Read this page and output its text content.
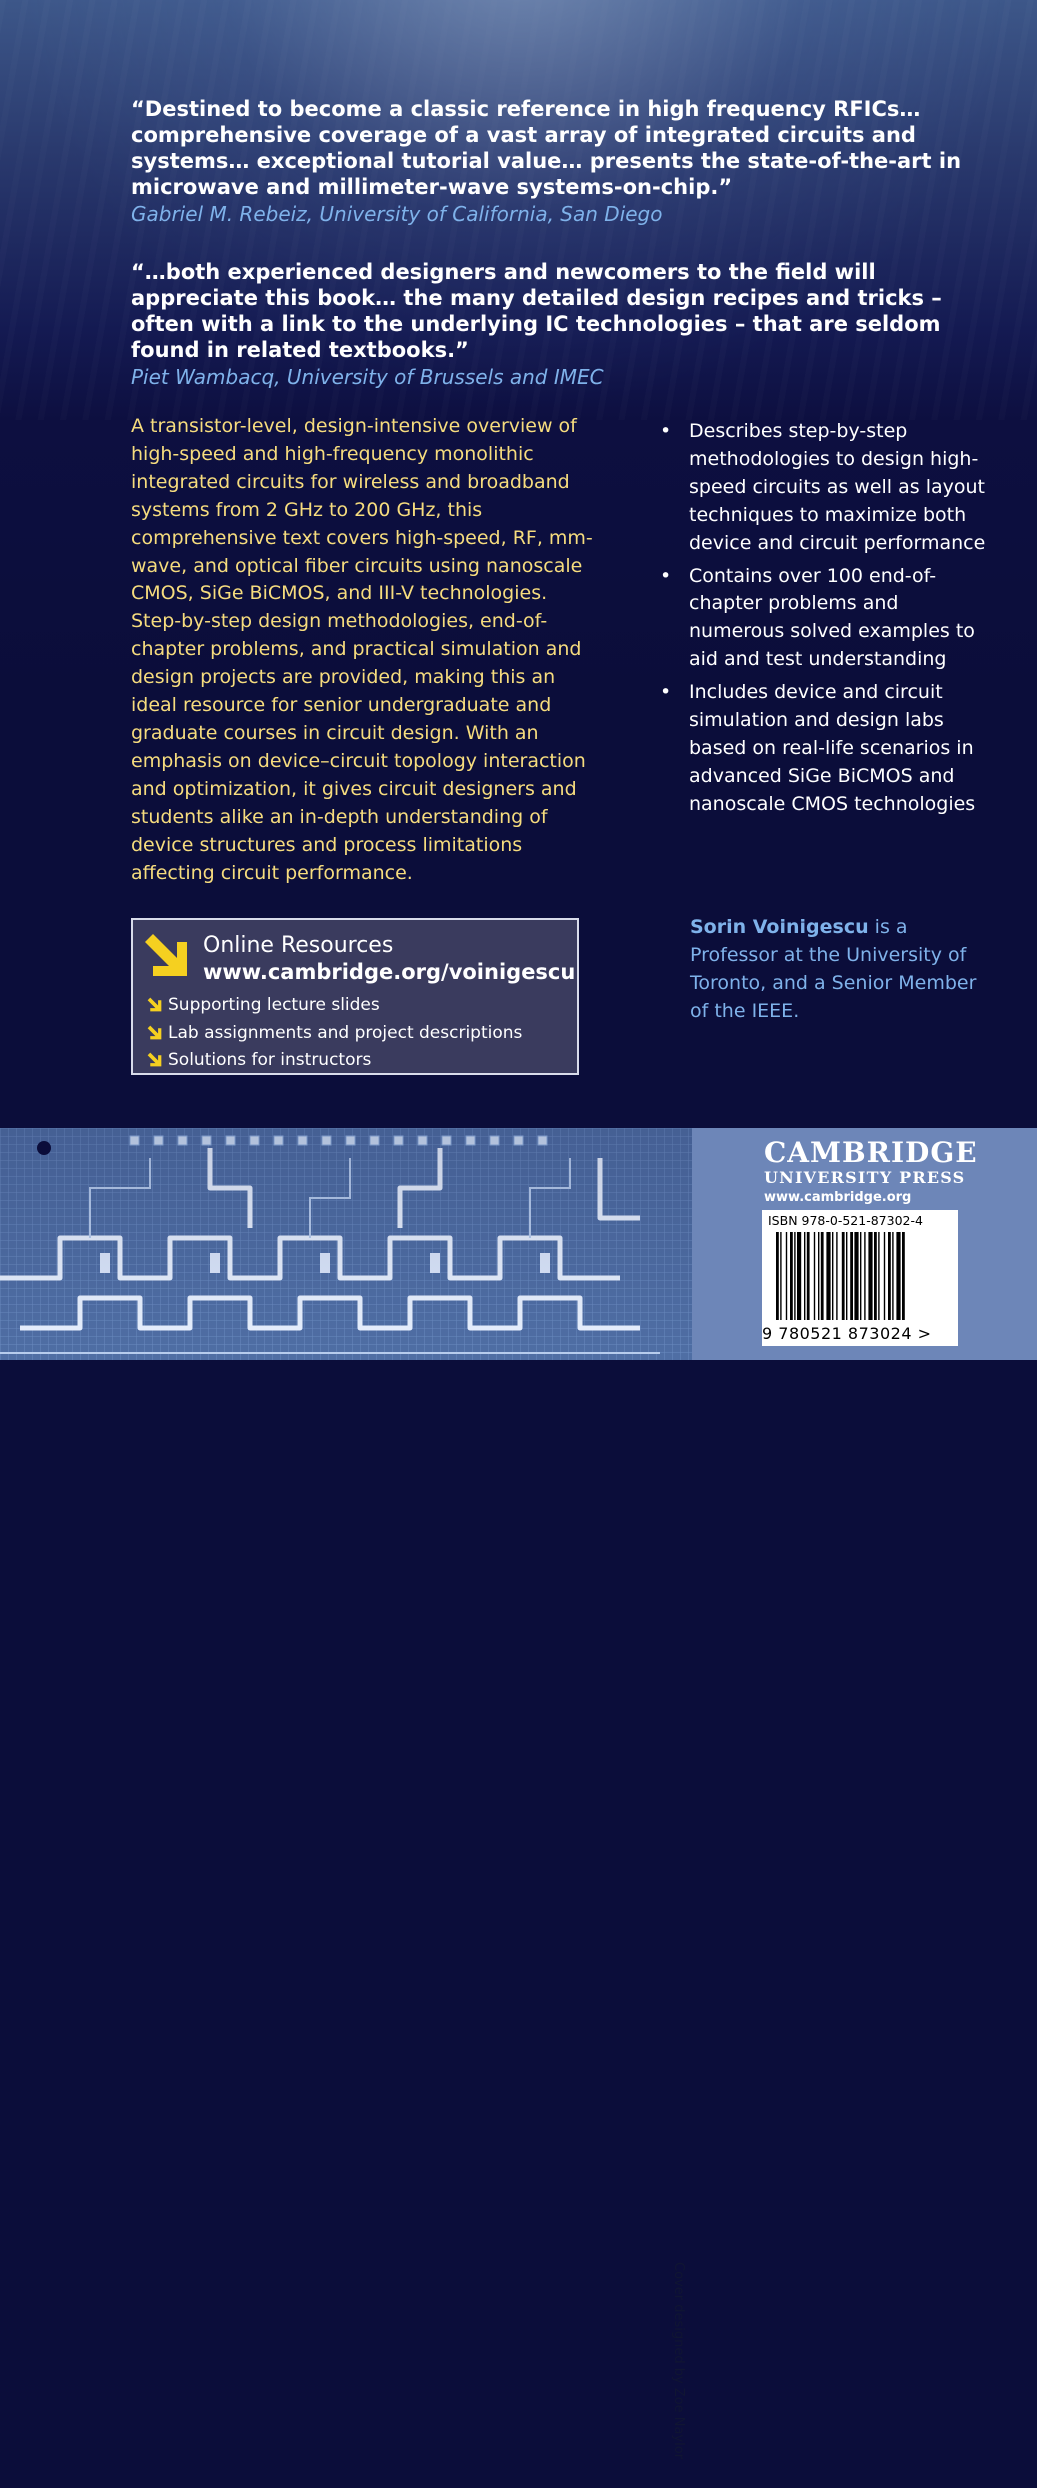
“Destined to become a classic reference in high frequency RFICs… comprehensive coverage of a vast array of integrated circuits and systems… exceptional tutorial value… presents the state-of-the-art in microwave and millimeter-wave systems-on-chip.”
Gabriel M. Rebeiz, University of California, San Diego
“…both experienced designers and newcomers to the field will appreciate this book… the many detailed design recipes and tricks – often with a link to the underlying IC technologies – that are seldom found in related textbooks.”
Piet Wambacq, University of Brussels and IMEC
A transistor-level, design-intensive overview of high-speed and high-frequency monolithic integrated circuits for wireless and broadband systems from 2 GHz to 200 GHz, this comprehensive text covers high-speed, RF, mm-wave, and optical fiber circuits using nanoscale CMOS, SiGe BiCMOS, and III-V technologies. Step-by-step design methodologies, end-of-chapter problems, and practical simulation and design projects are provided, making this an ideal resource for senior undergraduate and graduate courses in circuit design. With an emphasis on device–circuit topology interaction and optimization, it gives circuit designers and students alike an in-depth understanding of device structures and process limitations affecting circuit performance.
• Describes step-by-step methodologies to design high-speed circuits as well as layout techniques to maximize both device and circuit performance
• Contains over 100 end-of-chapter problems and numerous solved examples to aid and test understanding
• Includes device and circuit simulation and design labs based on real-life scenarios in advanced SiGe BiCMOS and nanoscale CMOS technologies
Online Resources
www.cambridge.org/voinigescu
Supporting lecture slides
Lab assignments and project descriptions
Solutions for instructors
Sorin Voinigescu is a Professor at the University of Toronto, and a Senior Member of the IEEE.
Cover designed by Zoe Naylor
CAMBRIDGE
UNIVERSITY PRESS
www.cambridge.org
ISBN 978-0-521-87302-4
9 780521 873024 >
